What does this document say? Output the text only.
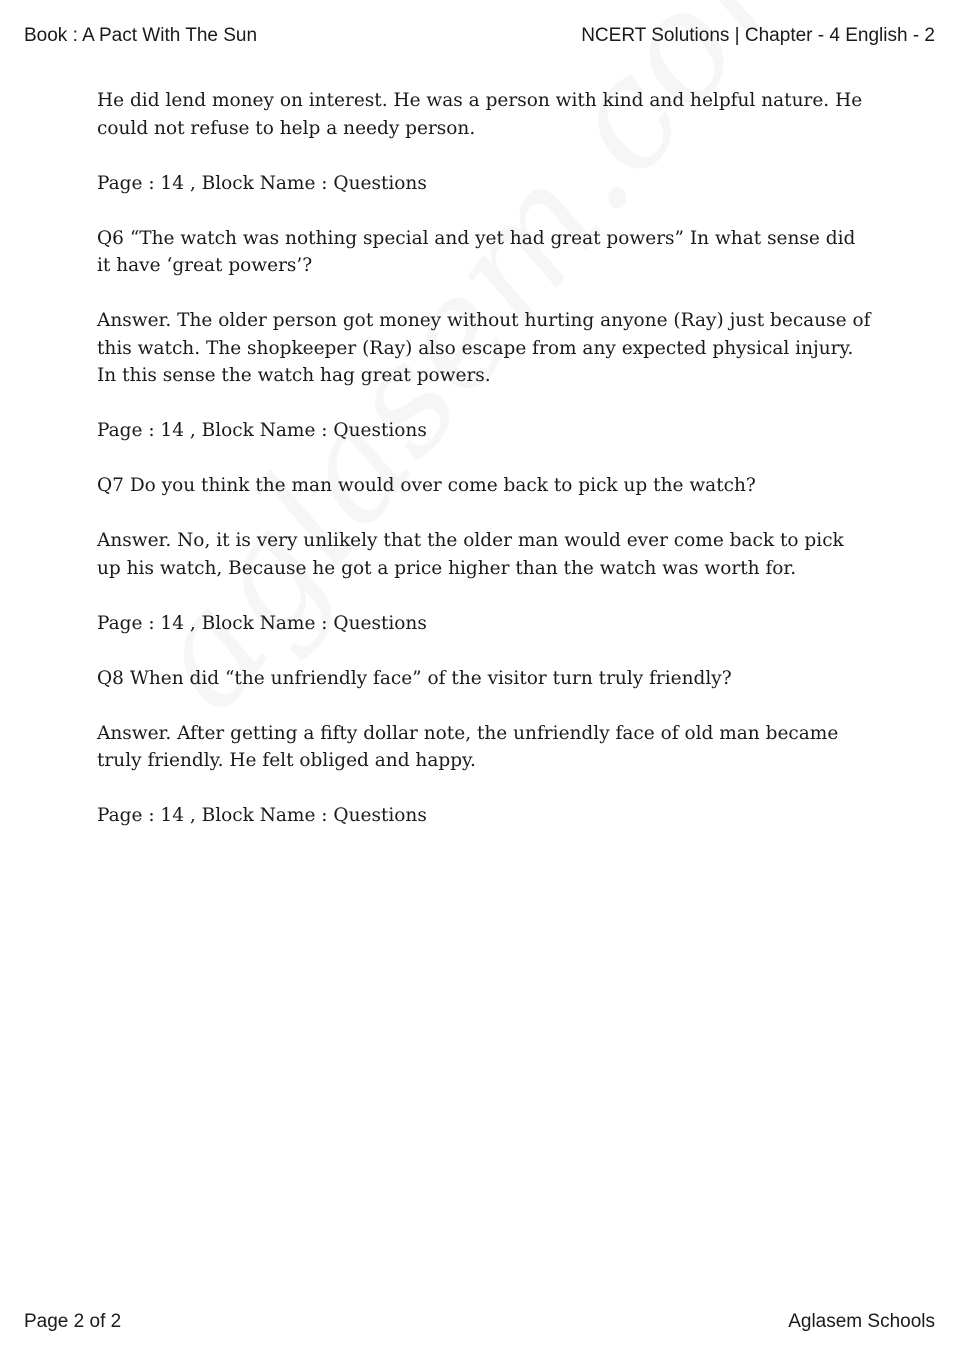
Book : A Pact With The Sun	NCERT Solutions | Chapter - 4 English - 2

He did lend money on interest. He was a person with kind and helpful nature. He could not refuse to help a needy person.

Page : 14 , Block Name : Questions

Q6 “The watch was nothing special and yet had great powers” In what sense did it have ‘great powers’?

Answer. The older person got money without hurting anyone (Ray) just because of this watch. The shopkeeper (Ray) also escape from any expected physical injury. In this sense the watch hag great powers.

Page : 14 , Block Name : Questions

Q7 Do you think the man would over come back to pick up the watch?

Answer. No, it is very unlikely that the older man would ever come back to pick up his watch, Because he got a price higher than the watch was worth for.

Page : 14 , Block Name : Questions

Q8 When did “the unfriendly face” of the visitor turn truly friendly?

Answer. After getting a fifty dollar note, the unfriendly face of old man became truly friendly. He felt obliged and happy.

Page : 14 , Block Name : Questions

Page 2 of 2	Aglasem Schools
